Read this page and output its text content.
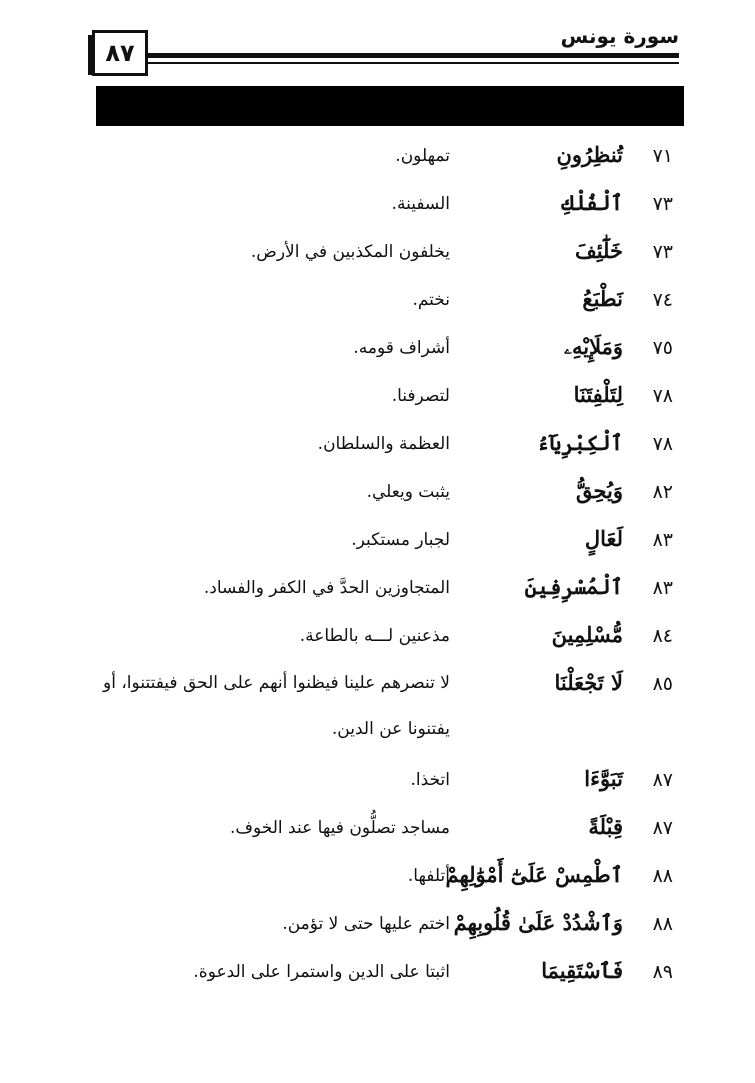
٨٧
سورة يونس
٧١
تُنظِرُونِ
تمهلون.
٧٣
ٱلْفُلْكِ
السفينة.
٧٣
خَلَٰٓئِفَ
يخلفون المكذبين في الأرض.
٧٤
نَطْبَعُ
نختم.
٧٥
وَمَلَإِيْهِۦ
أشراف قومه.
٧٨
لِتَلْفِتَنَا
لتصرفنا.
٧٨
ٱلْكِبْرِيَآءُ
العظمة والسلطان.
٨٢
وَيُحِقُّ
يثبت ويعلي.
٨٣
لَعَالٍ
لجبار مستكبر.
٨٣
ٱلْمُسْرِفِينَ
المتجاوزين الحدَّ في الكفر والفساد.
٨٤
مُّسْلِمِينَ
مذعنين لـــه بالطاعة.
٨٥
لَا تَجْعَلْنَا
لا تنصرهم علينا فيظنوا أنهم على الحق فيفتتنوا، أو يفتنونا عن الدين.
٨٧
تَبَوَّءَا
اتخذا.
٨٧
قِبْلَةً
مساجد تصلُّون فيها عند الخوف.
٨٨
ٱطْمِسْ عَلَىٰٓ أَمْوَٰلِهِمْ
أتلفها.
٨٨
وَٱشْدُدْ عَلَىٰ قُلُوبِهِمْ
اختم عليها حتى لا تؤمن.
٨٩
فَٱسْتَقِيمَا
اثبتا على الدين واستمرا على الدعوة.
